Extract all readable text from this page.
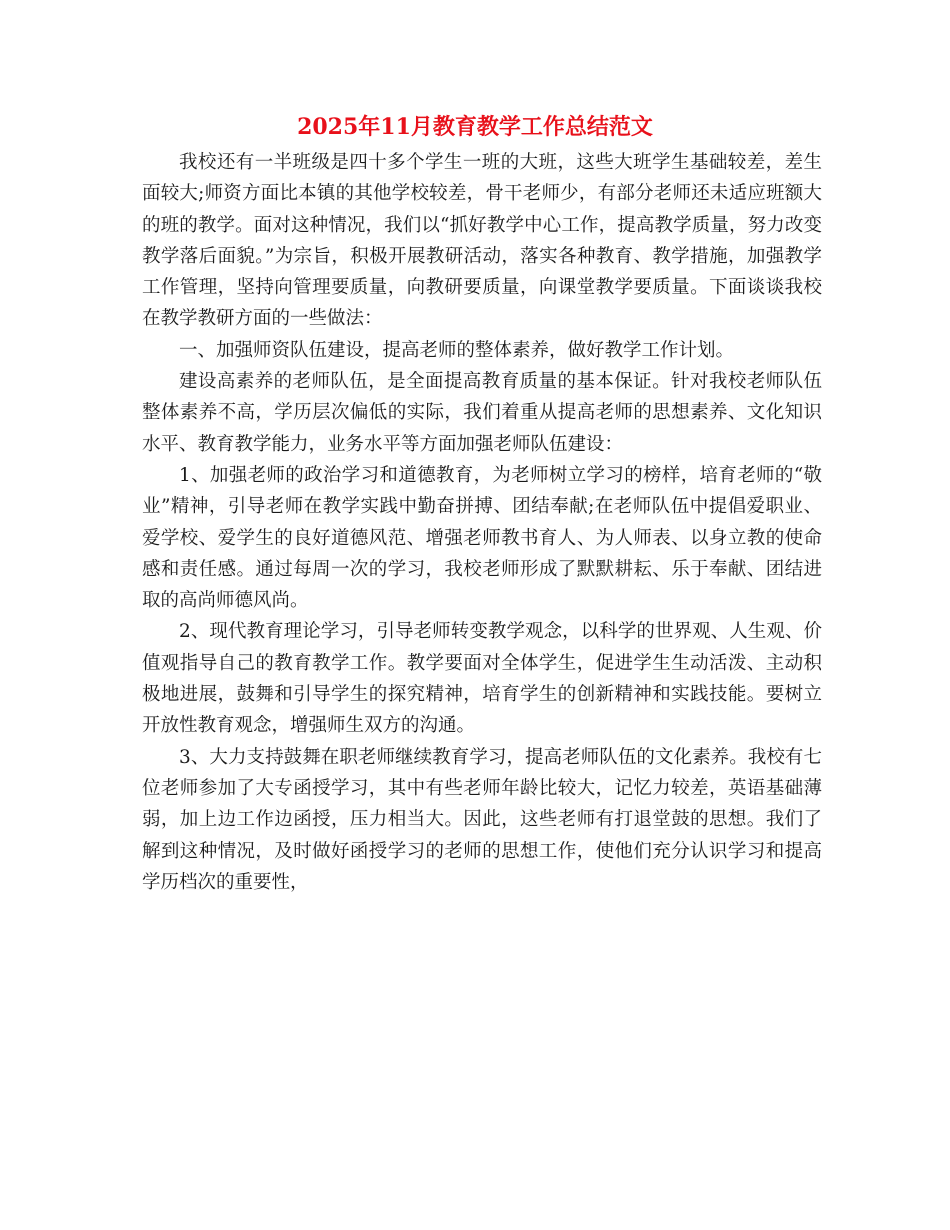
2025年11月教育教学工作总结范文

我校还有一半班级是四十多个学生一班的大班，这些大班学生基础较差，差生面较大;师资方面比本镇的其他学校较差，骨干老师少，有部分老师还未适应班额大的班的教学。面对这种情况，我们以“抓好教学中心工作，提高教学质量，努力改变教学落后面貌。”为宗旨，积极开展教研活动，落实各种教育、教学措施，加强教学工作管理，坚持向管理要质量，向教研要质量，向课堂教学要质量。下面谈谈我校在教学教研方面的一些做法：

一、加强师资队伍建设，提高老师的整体素养，做好教学工作计划。

建设高素养的老师队伍，是全面提高教育质量的基本保证。针对我校老师队伍整体素养不高，学历层次偏低的实际，我们着重从提高老师的思想素养、文化知识水平、教育教学能力，业务水平等方面加强老师队伍建设：

1、加强老师的政治学习和道德教育，为老师树立学习的榜样，培育老师的“敬业”精神，引导老师在教学实践中勤奋拼搏、团结奉献;在老师队伍中提倡爱职业、爱学校、爱学生的良好道德风范、增强老师教书育人、为人师表、以身立教的使命感和责任感。通过每周一次的学习，我校老师形成了默默耕耘、乐于奉献、团结进取的高尚师德风尚。

2、现代教育理论学习，引导老师转变教学观念，以科学的世界观、人生观、价值观指导自己的教育教学工作。教学要面对全体学生，促进学生生动活泼、主动积极地进展，鼓舞和引导学生的探究精神，培育学生的创新精神和实践技能。要树立开放性教育观念，增强师生双方的沟通。

3、大力支持鼓舞在职老师继续教育学习，提高老师队伍的文化素养。我校有七位老师参加了大专函授学习，其中有些老师年龄比较大，记忆力较差，英语基础薄弱，加上边工作边函授，压力相当大。因此，这些老师有打退堂鼓的思想。我们了解到这种情况，及时做好函授学习的老师的思想工作，使他们充分认识学习和提高学历档次的重要性，
